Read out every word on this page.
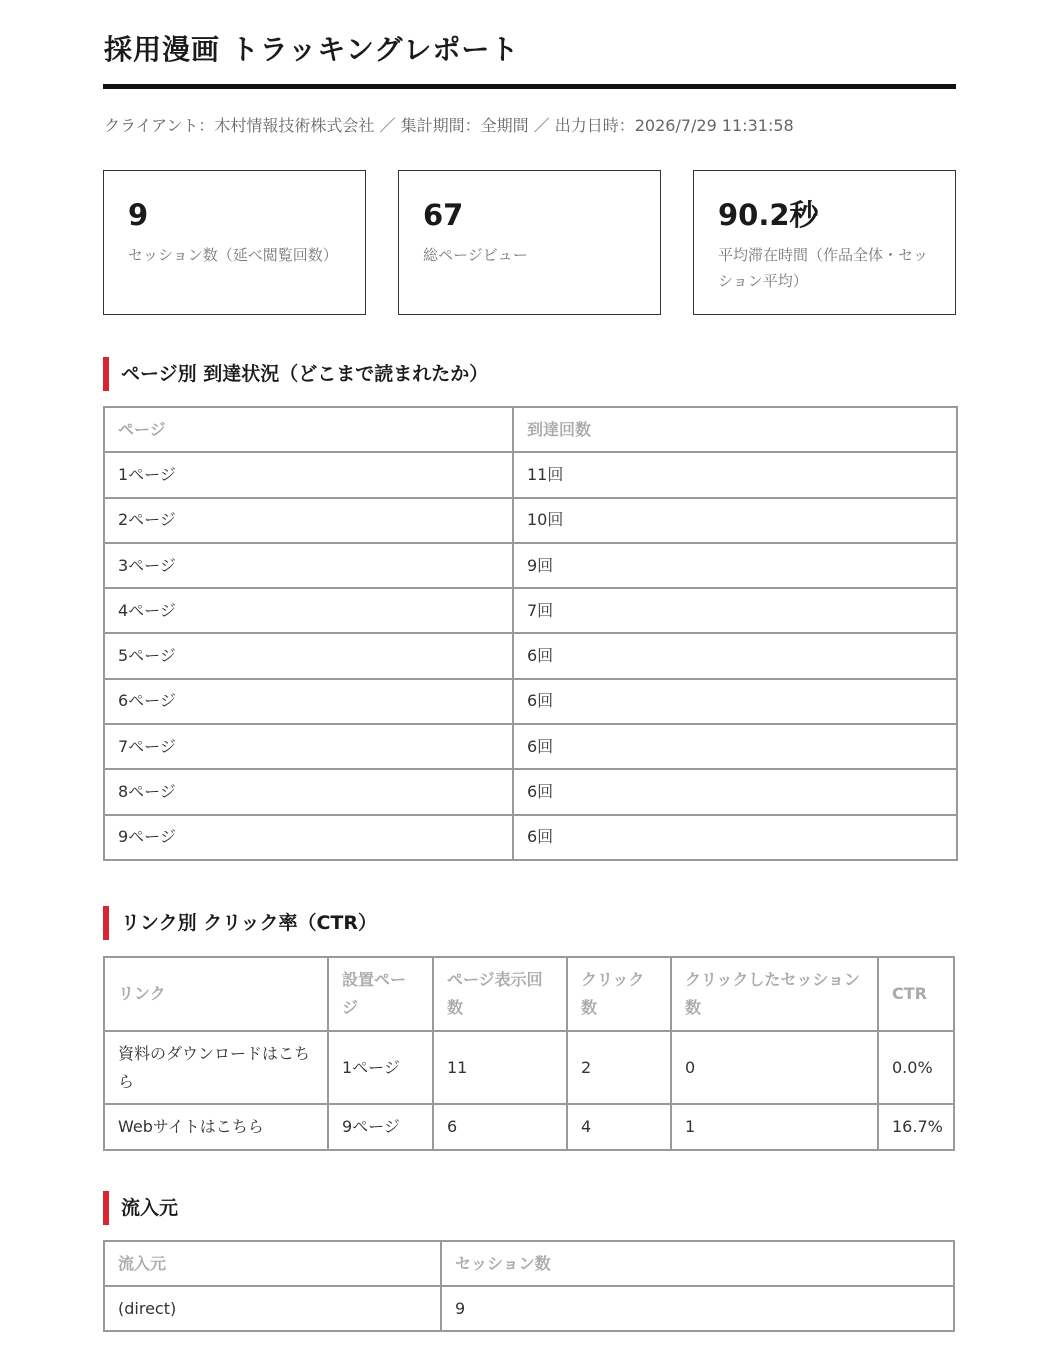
採用漫画 トラッキングレポート
クライアント：木村情報技術株式会社 ／ 集計期間：全期間 ／ 出力日時：2026/7/29 11:31:58
9
セッション数（延べ閲覧回数）
67
総ページビュー
90.2秒
平均滞在時間（作品全体・セッション平均）
ページ別 到達状況（どこまで読まれたか）
ページ	到達回数
1ページ	11回
2ページ	10回
3ページ	9回
4ページ	7回
5ページ	6回
6ページ	6回
7ページ	6回
8ページ	6回
9ページ	6回
リンク別 クリック率（CTR）
リンク	設置ページ	ページ表示回数	クリック数	クリックしたセッション数	CTR
資料のダウンロードはこちら	1ページ	11	2	0	0.0%
Webサイトはこちら	9ページ	6	4	1	16.7%
流入元
流入元	セッション数
(direct)	9
